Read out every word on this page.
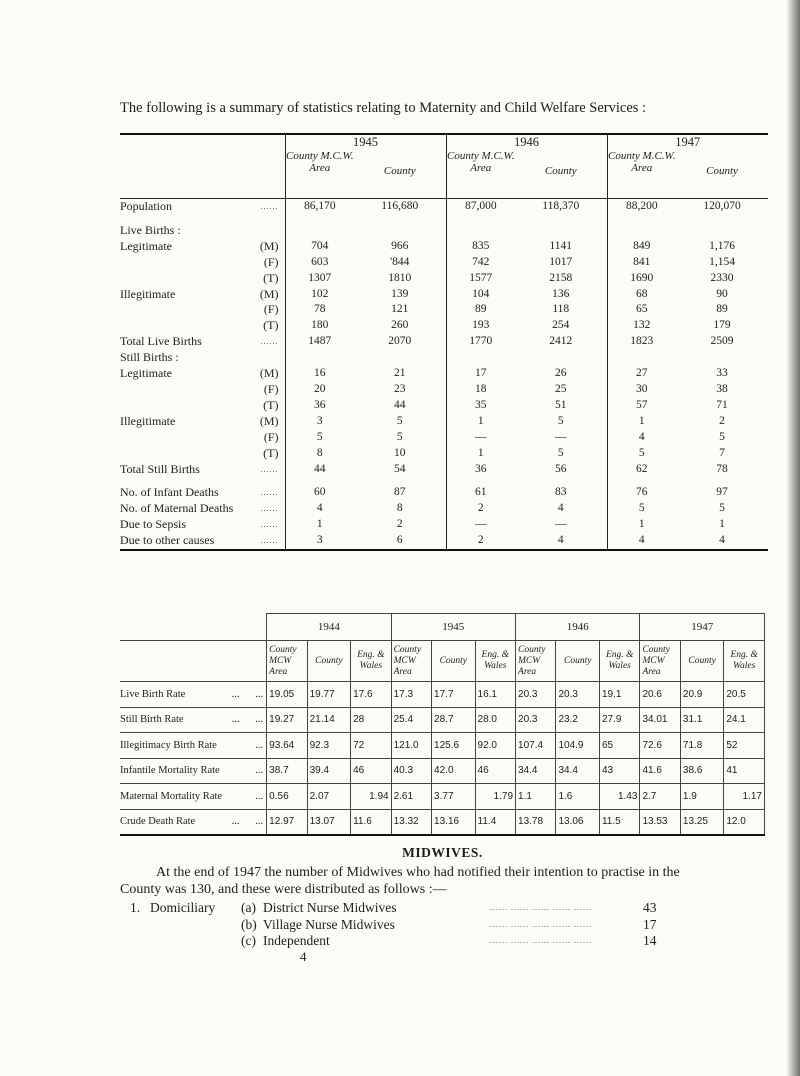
The following is a summary of statistics relating to Maternity and Child Welfare Services :
	1945		1946		1947	
	County M.C.W. Area	County	County M.C.W. Area	County	County M.C.W. Area	County

Population ......	86,170	116,680	87,000	118,370	88,200	120,070

Live Births :						
Legitimate (M)	704	966	835	1141	849	1,176

(F)	603	'844	742	1017	841	1,154

(T)	1307	1810	1577	2158	1690	2330
Illegitimate (M)	102	139	104	136	68	90

(F)	78	121	89	118	65	89

(T)	180	260	193	254	132	179
Total Live Births ......	1487	2070	1770	2412	1823	2509
Still Births :						
Legitimate (M)	16	21	17	26	27	33

(F)	20	23	18	25	30	38

(T)	36	44	35	51	57	71
Illegitimate (M)	3	5	1	5	1	2

(F)	5	5	—	—	4	5

(T)	8	10	1	5	5	7
Total Still Births ......	44	54	36	56	62	78

No. of Infant Deaths ......	60	87	61	83	76	97
No. of Maternal Deaths ......	4	8	2	4	5	5
Due to Sepsis ......	1	2	—	—	1	1
Due to other causes ......	3	6	2	4	4	4
	1944			1945			1946			1947		
	County MCW Area	County	Eng. & Wales	County MCW Area	County	Eng. & Wales	County MCW Area	County	Eng. & Wales	County MCW Area	County	Eng. & Wales
Live Birth Rate ...      ...	19.05	19.77	17.6	17.3	17.7	16.1	20.3	20.3	19.1	20.6	20.9	20.5
Still Birth Rate ...      ...	19.27	21.14	28	25.4	28.7	28.0	20.3	23.2	27.9	34.01	31.1	24.1
Illegitimacy Birth Rate ...	93.64	92.3	72	121.0	125.6	92.0	107.4	104.9	65	72.6	71.8	52
Infantile Mortality Rate ...	38.7	39.4	46	40.3	42.0	46	34.4	34.4	43	41.6	38.6	41
Maternal Mortality Rate ...	0.56	2.07	1.94	2.61	3.77	1.79	1.1	1.6	1.43	2.7	1.9	1.17
Crude Death Rate ...      ...	12.97	13.07	11.6	13.32	13.16	11.4	13.78	13.06	11.5	13.53	13.25	12.0
MIDWIVES.
At the end of 1947 the number of Midwives who had notified their intention to practise in the
County was 130, and these were distributed as follows :—
1. Domiciliary (a) District Nurse Midwives	43
...... ...... ...... ...... ......
(b) Village Nurse Midwives	17
...... ...... ...... ...... ......
(c) Independent	14
...... ...... ...... ...... ......
4
